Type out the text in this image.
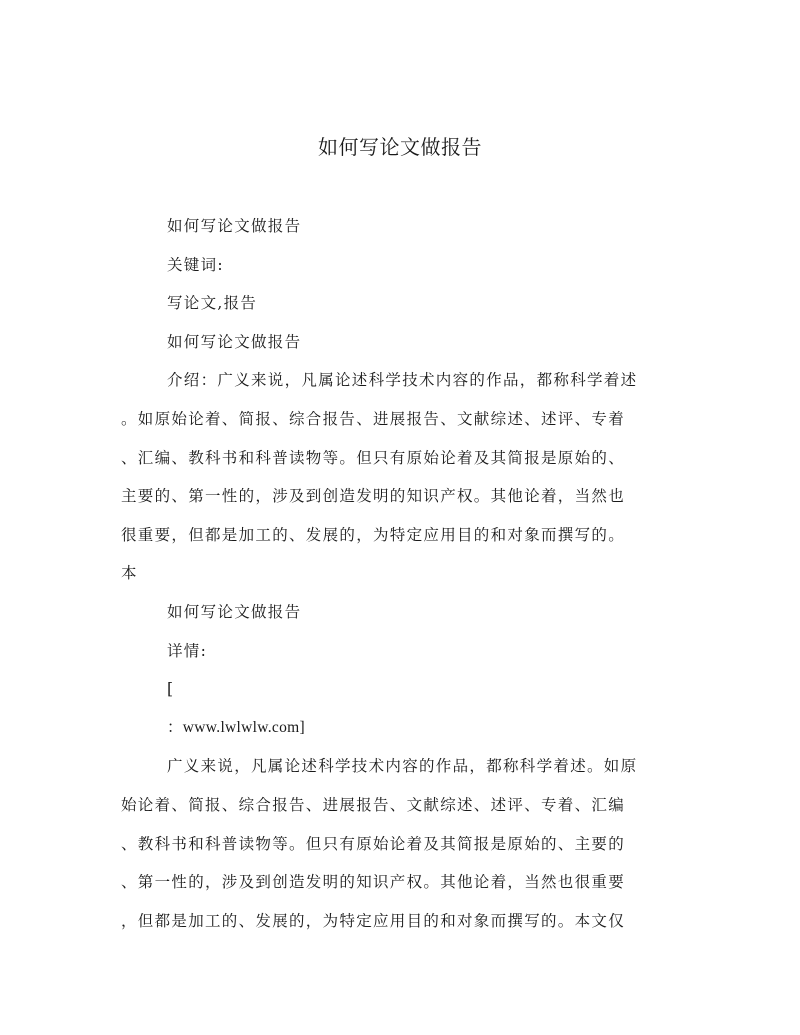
如何写论文做报告
如何写论文做报告
关键词:
写论文,报告
如何写论文做报告
介绍：广义来说，凡属论述科学技术内容的作品，都称科学着述
。如原始论着、简报、综合报告、进展报告、文献综述、述评、专着
、汇编、教科书和科普读物等。但只有原始论着及其简报是原始的、
主要的、第一性的，涉及到创造发明的知识产权。其他论着，当然也
很重要，但都是加工的、发展的，为特定应用目的和对象而撰写的。
本
如何写论文做报告
详情:
[
：www.lwlwlw.com]
广义来说，凡属论述科学技术内容的作品，都称科学着述。如原
始论着、简报、综合报告、进展报告、文献综述、述评、专着、汇编
、教科书和科普读物等。但只有原始论着及其简报是原始的、主要的
、第一性的，涉及到创造发明的知识产权。其他论着，当然也很重要
，但都是加工的、发展的，为特定应用目的和对象而撰写的。本文仅
